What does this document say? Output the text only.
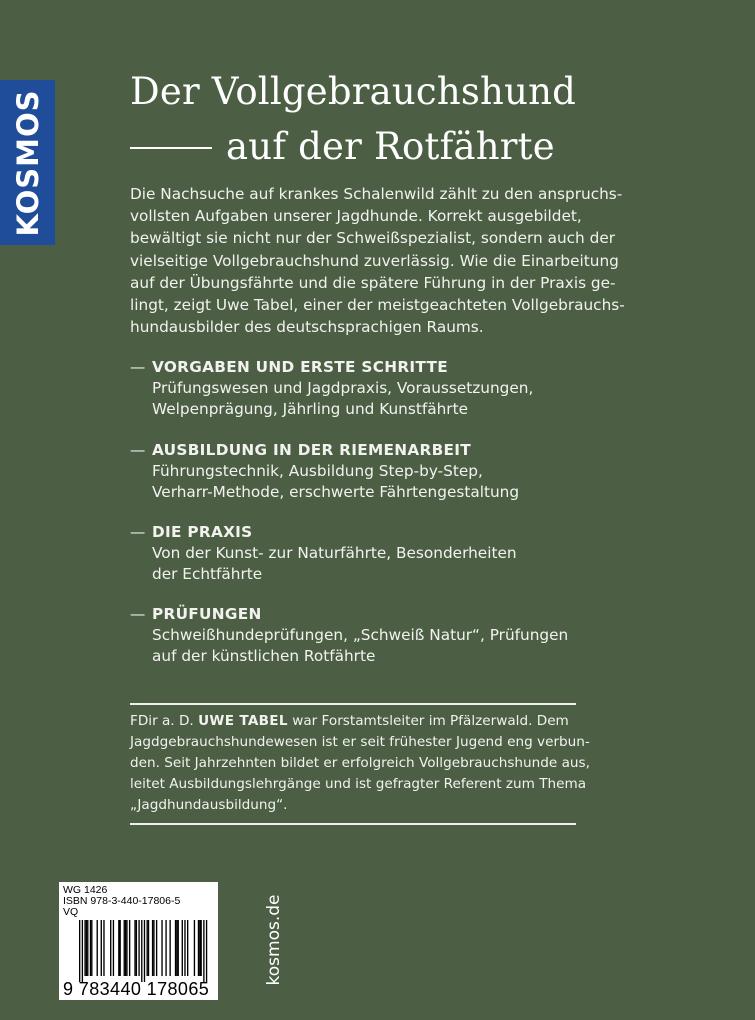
KOSMOS Der Vollgebrauchshund
auf der Rotfährte
Die Nachsuche auf krankes Schalenwild zählt zu den anspruchs-
vollsten Aufgaben unserer Jagdhunde. Korrekt ausgebildet,
bewältigt sie nicht nur der Schweißspezialist, sondern auch der
vielseitige Vollgebrauchshund zuverlässig. Wie die Einarbeitung
auf der Übungsfährte und die spätere Führung in der Praxis ge-
lingt, zeigt Uwe Tabel, einer der meistgeachteten Vollgebrauchs-
hundausbilder des deutschsprachigen Raums.
— VORGABEN UND ERSTE SCHRITTE
Prüfungswesen und Jagdpraxis, Voraussetzungen,
Welpenprägung, Jährling und Kunstfährte
— AUSBILDUNG IN DER RIEMENARBEIT
Führungstechnik, Ausbildung Step-by-Step,
Verharr-Methode, erschwerte Fährtengestaltung
— DIE PRAXIS
Von der Kunst- zur Naturfährte, Besonderheiten
der Echtfährte
— PRÜFUNGEN
Schweißhundeprüfungen, „Schweiß Natur“, Prüfungen
auf der künstlichen Rotfährte
FDir a. D. UWE TABEL war Forstamtsleiter im Pfälzerwald. Dem
Jagdgebrauchshundewesen ist er seit frühester Jugend eng verbun-
den. Seit Jahrzehnten bildet er erfolgreich Vollgebrauchshunde aus,
leitet Ausbildungslehrgänge und ist gefragter Referent zum Thema
„Jagdhundausbildung“.
WG 1426
ISBN 978-3-440-17806-5
VQ
9 783440 178065
kosmos.de
